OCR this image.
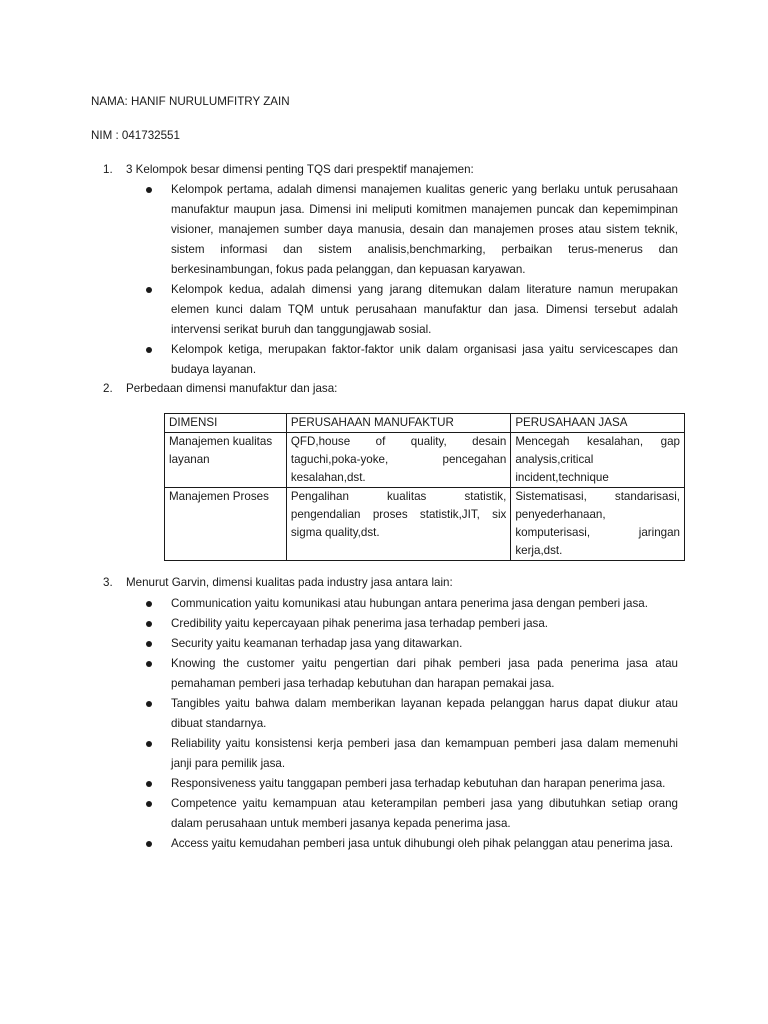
NAMA: HANIF NURULUMFITRY ZAIN

NIM : 041732551

1.	3 Kelompok besar dimensi penting TQS dari prespektif manajemen:
Kelompok pertama, adalah dimensi manajemen kualitas generic yang berlaku untuk perusahaan manufaktur maupun jasa. Dimensi ini meliputi komitmen manajemen puncak dan kepemimpinan visioner, manajemen sumber daya manusia, desain dan manajemen proses atau sistem teknik, sistem informasi dan sistem analisis,benchmarking, perbaikan terus-menerus dan berkesinambungan, fokus pada pelanggan, dan kepuasan karyawan.
Kelompok kedua, adalah dimensi yang jarang ditemukan dalam literature namun merupakan elemen kunci dalam TQM untuk perusahaan manufaktur dan jasa. Dimensi tersebut adalah intervensi serikat buruh dan tanggungjawab sosial.
Kelompok ketiga, merupakan faktor-faktor unik dalam organisasi jasa yaitu servicescapes dan budaya layanan.
2.	Perbedaan dimensi manufaktur dan jasa:
DIMENSI	PERUSAHAAN MANUFAKTUR	PERUSAHAAN JASA
Manajemen kualitas layanan	QFD,house of quality, desain taguchi,poka-yoke, pencegahan kesalahan,dst.	Mencegah kesalahan, gap analysis,critical incident,technique
Manajemen Proses	Pengalihan kualitas statistik, pengendalian proses statistik,JIT, six sigma quality,dst.	Sistematisasi, standarisasi, penyederhanaan, komputerisasi, jaringan kerja,dst.
3.	Menurut Garvin, dimensi kualitas pada industry jasa antara lain:
Communication yaitu komunikasi atau hubungan antara penerima jasa dengan pemberi jasa.
Credibility yaitu kepercayaan pihak penerima jasa terhadap pemberi jasa.
Security yaitu keamanan terhadap jasa yang ditawarkan.
Knowing the customer yaitu pengertian dari pihak pemberi jasa pada penerima jasa atau pemahaman pemberi jasa terhadap kebutuhan dan harapan pemakai jasa.
Tangibles yaitu bahwa dalam memberikan layanan kepada pelanggan harus dapat diukur atau dibuat standarnya.
Reliability yaitu konsistensi kerja pemberi jasa dan kemampuan pemberi jasa dalam memenuhi janji para pemilik jasa.
Responsiveness yaitu tanggapan pemberi jasa terhadap kebutuhan dan harapan penerima jasa.
Competence yaitu kemampuan atau keterampilan pemberi jasa yang dibutuhkan setiap orang dalam perusahaan untuk memberi jasanya kepada penerima jasa.
Access yaitu kemudahan pemberi jasa untuk dihubungi oleh pihak pelanggan atau penerima jasa.
